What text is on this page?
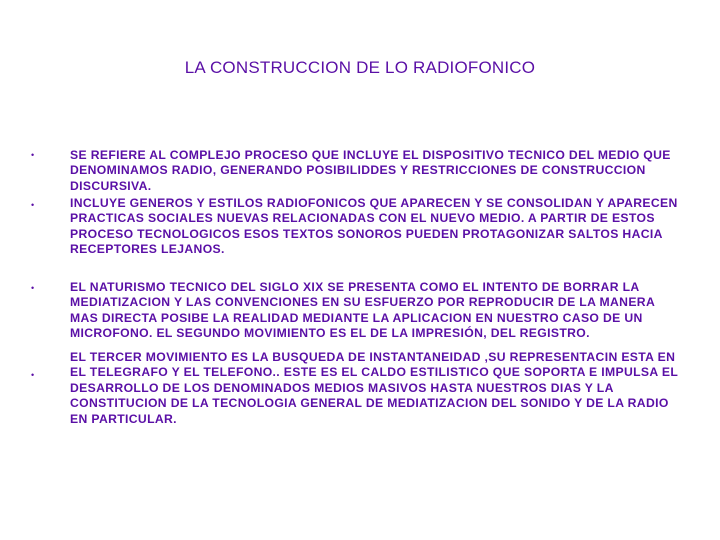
LA CONSTRUCCION DE LO RADIOFONICO
•	SE REFIERE AL COMPLEJO PROCESO QUE INCLUYE EL DISPOSITIVO TECNICO DEL MEDIO QUE DENOMINAMOS RADIO, GENERANDO POSIBILIDDES Y RESTRICCIONES DE CONSTRUCCION DISCURSIVA.
•	INCLUYE GENEROS Y ESTILOS RADIOFONICOS QUE APARECEN Y SE CONSOLIDAN Y APARECEN PRACTICAS SOCIALES NUEVAS RELACIONADAS CON EL NUEVO MEDIO. A PARTIR DE ESTOS PROCESO TECNOLOGICOS ESOS TEXTOS SONOROS PUEDEN PROTAGONIZAR SALTOS HACIA RECEPTORES LEJANOS.
•	EL NATURISMO TECNICO DEL SIGLO XIX SE PRESENTA COMO EL INTENTO DE BORRAR LA MEDIATIZACION Y LAS CONVENCIONES EN SU ESFUERZO POR REPRODUCIR DE LA MANERA MAS DIRECTA POSIBE LA REALIDAD MEDIANTE LA APLICACION EN NUESTRO CASO DE UN MICROFONO. EL SEGUNDO MOVIMIENTO ES EL DE LA IMPRESIÓN, DEL REGISTRO.
•
EL TERCER MOVIMIENTO ES LA BUSQUEDA DE INSTANTANEIDAD ,SU REPRESENTACIN ESTA EN EL TELEGRAFO Y EL TELEFONO.. ESTE ES EL CALDO ESTILISTICO QUE SOPORTA E IMPULSA EL DESARROLLO DE LOS DENOMINADOS MEDIOS MASIVOS HASTA NUESTROS DIAS Y LA CONSTITUCION DE LA TECNOLOGIA GENERAL DE MEDIATIZACION DEL SONIDO Y DE LA RADIO EN PARTICULAR.
